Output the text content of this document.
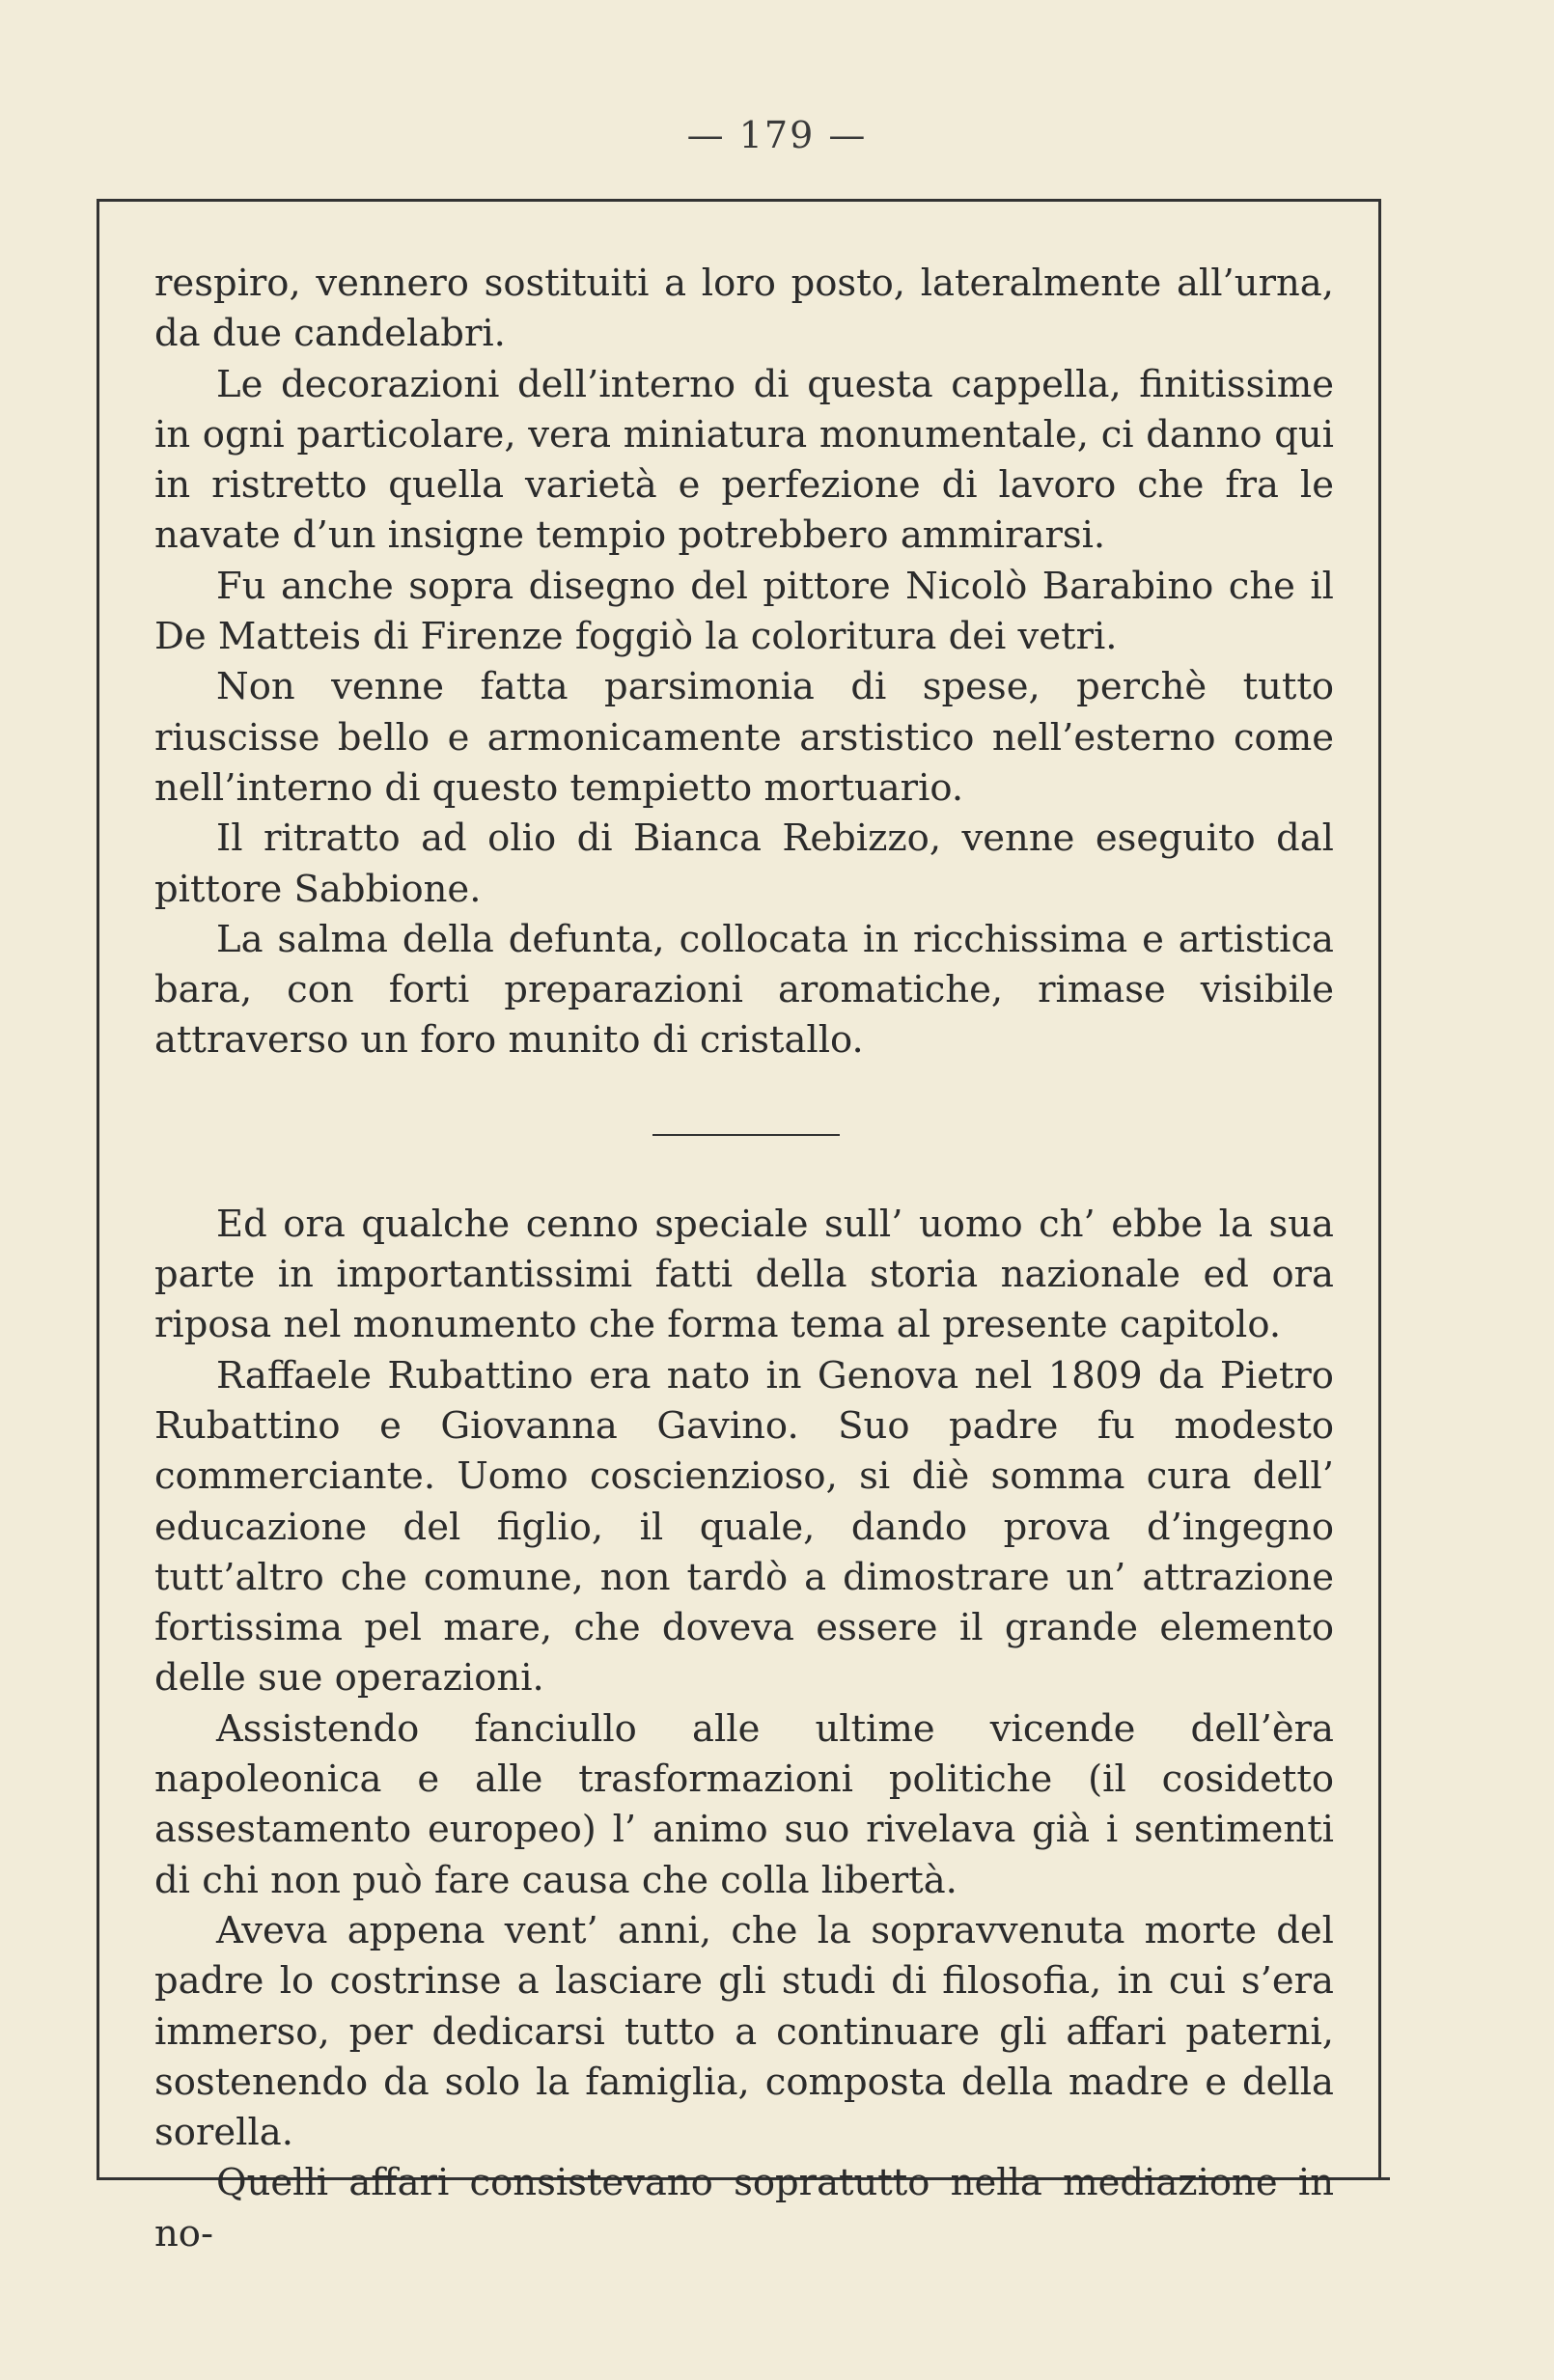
— 179 —

respiro, vennero sostituiti a loro posto, lateralmente all’urna, da due candelabri.

Le decorazioni dell’interno di questa cappella, finitissime in ogni particolare, vera miniatura monumentale, ci danno qui in ristretto quella varietà e perfezione di lavoro che fra le navate d’un insigne tempio potrebbero ammirarsi.

Fu anche sopra disegno del pittore Nicolò Barabino che il De Matteis di Firenze foggiò la coloritura dei vetri.

Non venne fatta parsimonia di spese, perchè tutto riuscisse bello e armonicamente arstistico nell’esterno come nell’interno di questo tempietto mortuario.

Il ritratto ad olio di Bianca Rebizzo, venne eseguito dal pittore Sabbione.

La salma della defunta, collocata in ricchissima e artistica bara, con forti preparazioni aromatiche, rimase visibile attraverso un foro munito di cristallo.

Ed ora qualche cenno speciale sull’ uomo ch’ ebbe la sua parte in importantissimi fatti della storia nazionale ed ora riposa nel monumento che forma tema al presente capitolo.

Raffaele Rubattino era nato in Genova nel 1809 da Pietro Rubattino e Giovanna Gavino. Suo padre fu modesto commerciante. Uomo coscienzioso, si diè somma cura dell’ educazione del figlio, il quale, dando prova d’ingegno tutt’altro che comune, non tardò a dimostrare un’ attrazione fortissima pel mare, che doveva essere il grande elemento delle sue operazioni.

Assistendo fanciullo alle ultime vicende dell’èra napoleonica e alle trasformazioni politiche (il cosidetto assestamento europeo) l’ animo suo rivelava già i sentimenti di chi non può fare causa che colla libertà.

Aveva appena vent’ anni, che la sopravvenuta morte del padre lo costrinse a lasciare gli studi di filosofia, in cui s’era immerso, per dedicarsi tutto a continuare gli affari paterni, sostenendo da solo la famiglia, composta della madre e della sorella.

Quelli affari consistevano sopratutto nella mediazione in no-
